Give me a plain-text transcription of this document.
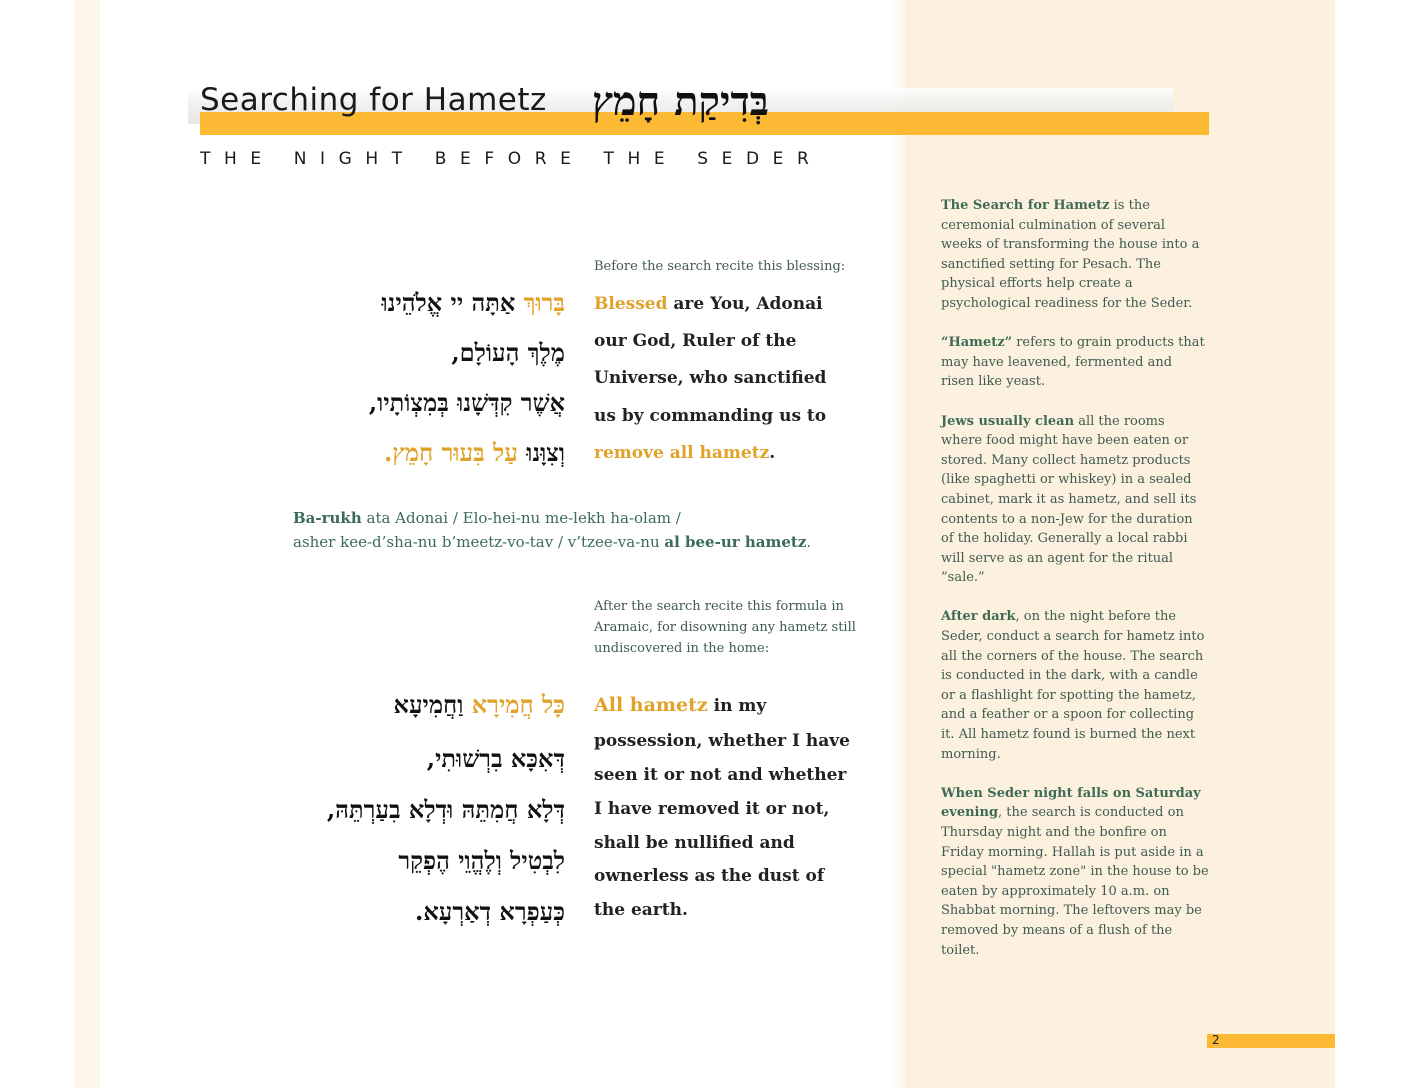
Searching for Hametz בְּדִיקַת חָמֵץ
THE NIGHT BEFORE THE SEDER
Before the search recite this blessing:
בָּרוּךְ אַתָּה יי אֱלֹהֵינוּ
מֶלֶךְ הָעוֹלָם,
אֲשֶׁר קִדְּשָׁנוּ בְּמִצְוֹתָיו,
וְצִוָּנוּ עַל בִּעוּר חָמֵץ.
Blessed are You, Adonai
our God, Ruler of the
Universe, who sanctified
us by commanding us to
remove all hametz.
Ba-rukh ata Adonai / Elo-hei-nu me-lekh ha-olam /
asher kee-d’sha-nu b’meetz-vo-tav / v’tzee-va-nu al bee-ur hametz.
After the search recite this formula in
Aramaic, for disowning any hametz still
undiscovered in the home:
כָּל חֲמִירָא וַחֲמִיעָא
דְּאִכָּא בִרְשׁוּתִי,
דְּלָא חֲמִתֵּהּ וּדְלָא בִעַרְתֵּהּ,
לִבְטִיל וְלֶהֱוֵי הֶפְקֵר
כְּעַפְרָא דְאַרְעָא.
All hametz in my
possession, whether I have
seen it or not and whether
I have removed it or not,
shall be nullified and
ownerless as the dust of
the earth.

The Search for Hametz is the ceremonial culmination of several weeks of transforming the house into a sanctified setting for Pesach. The physical efforts help create a psychological readiness for the Seder.

“Hametz” refers to grain products that may have leavened, fermented and risen like yeast.

Jews usually clean all the rooms where food might have been eaten or stored. Many collect hametz products (like spaghetti or whiskey) in a sealed cabinet, mark it as hametz, and sell its contents to a non-Jew for the duration of the holiday. Generally a local rabbi will serve as an agent for the ritual ”sale.”

After dark, on the night before the Seder, conduct a search for hametz into all the corners of the house. The search is conducted in the dark, with a candle or a flashlight for spotting the hametz, and a feather or a spoon for collecting it. All hametz found is burned the next morning.

When Seder night falls on Saturday evening, the search is conducted on Thursday night and the bonfire on Friday morning. Hallah is put aside in a special "hametz zone" in the house to be eaten by approximately 10 a.m. on Shabbat morning. The leftovers may be removed by means of a flush of the toilet.

2
